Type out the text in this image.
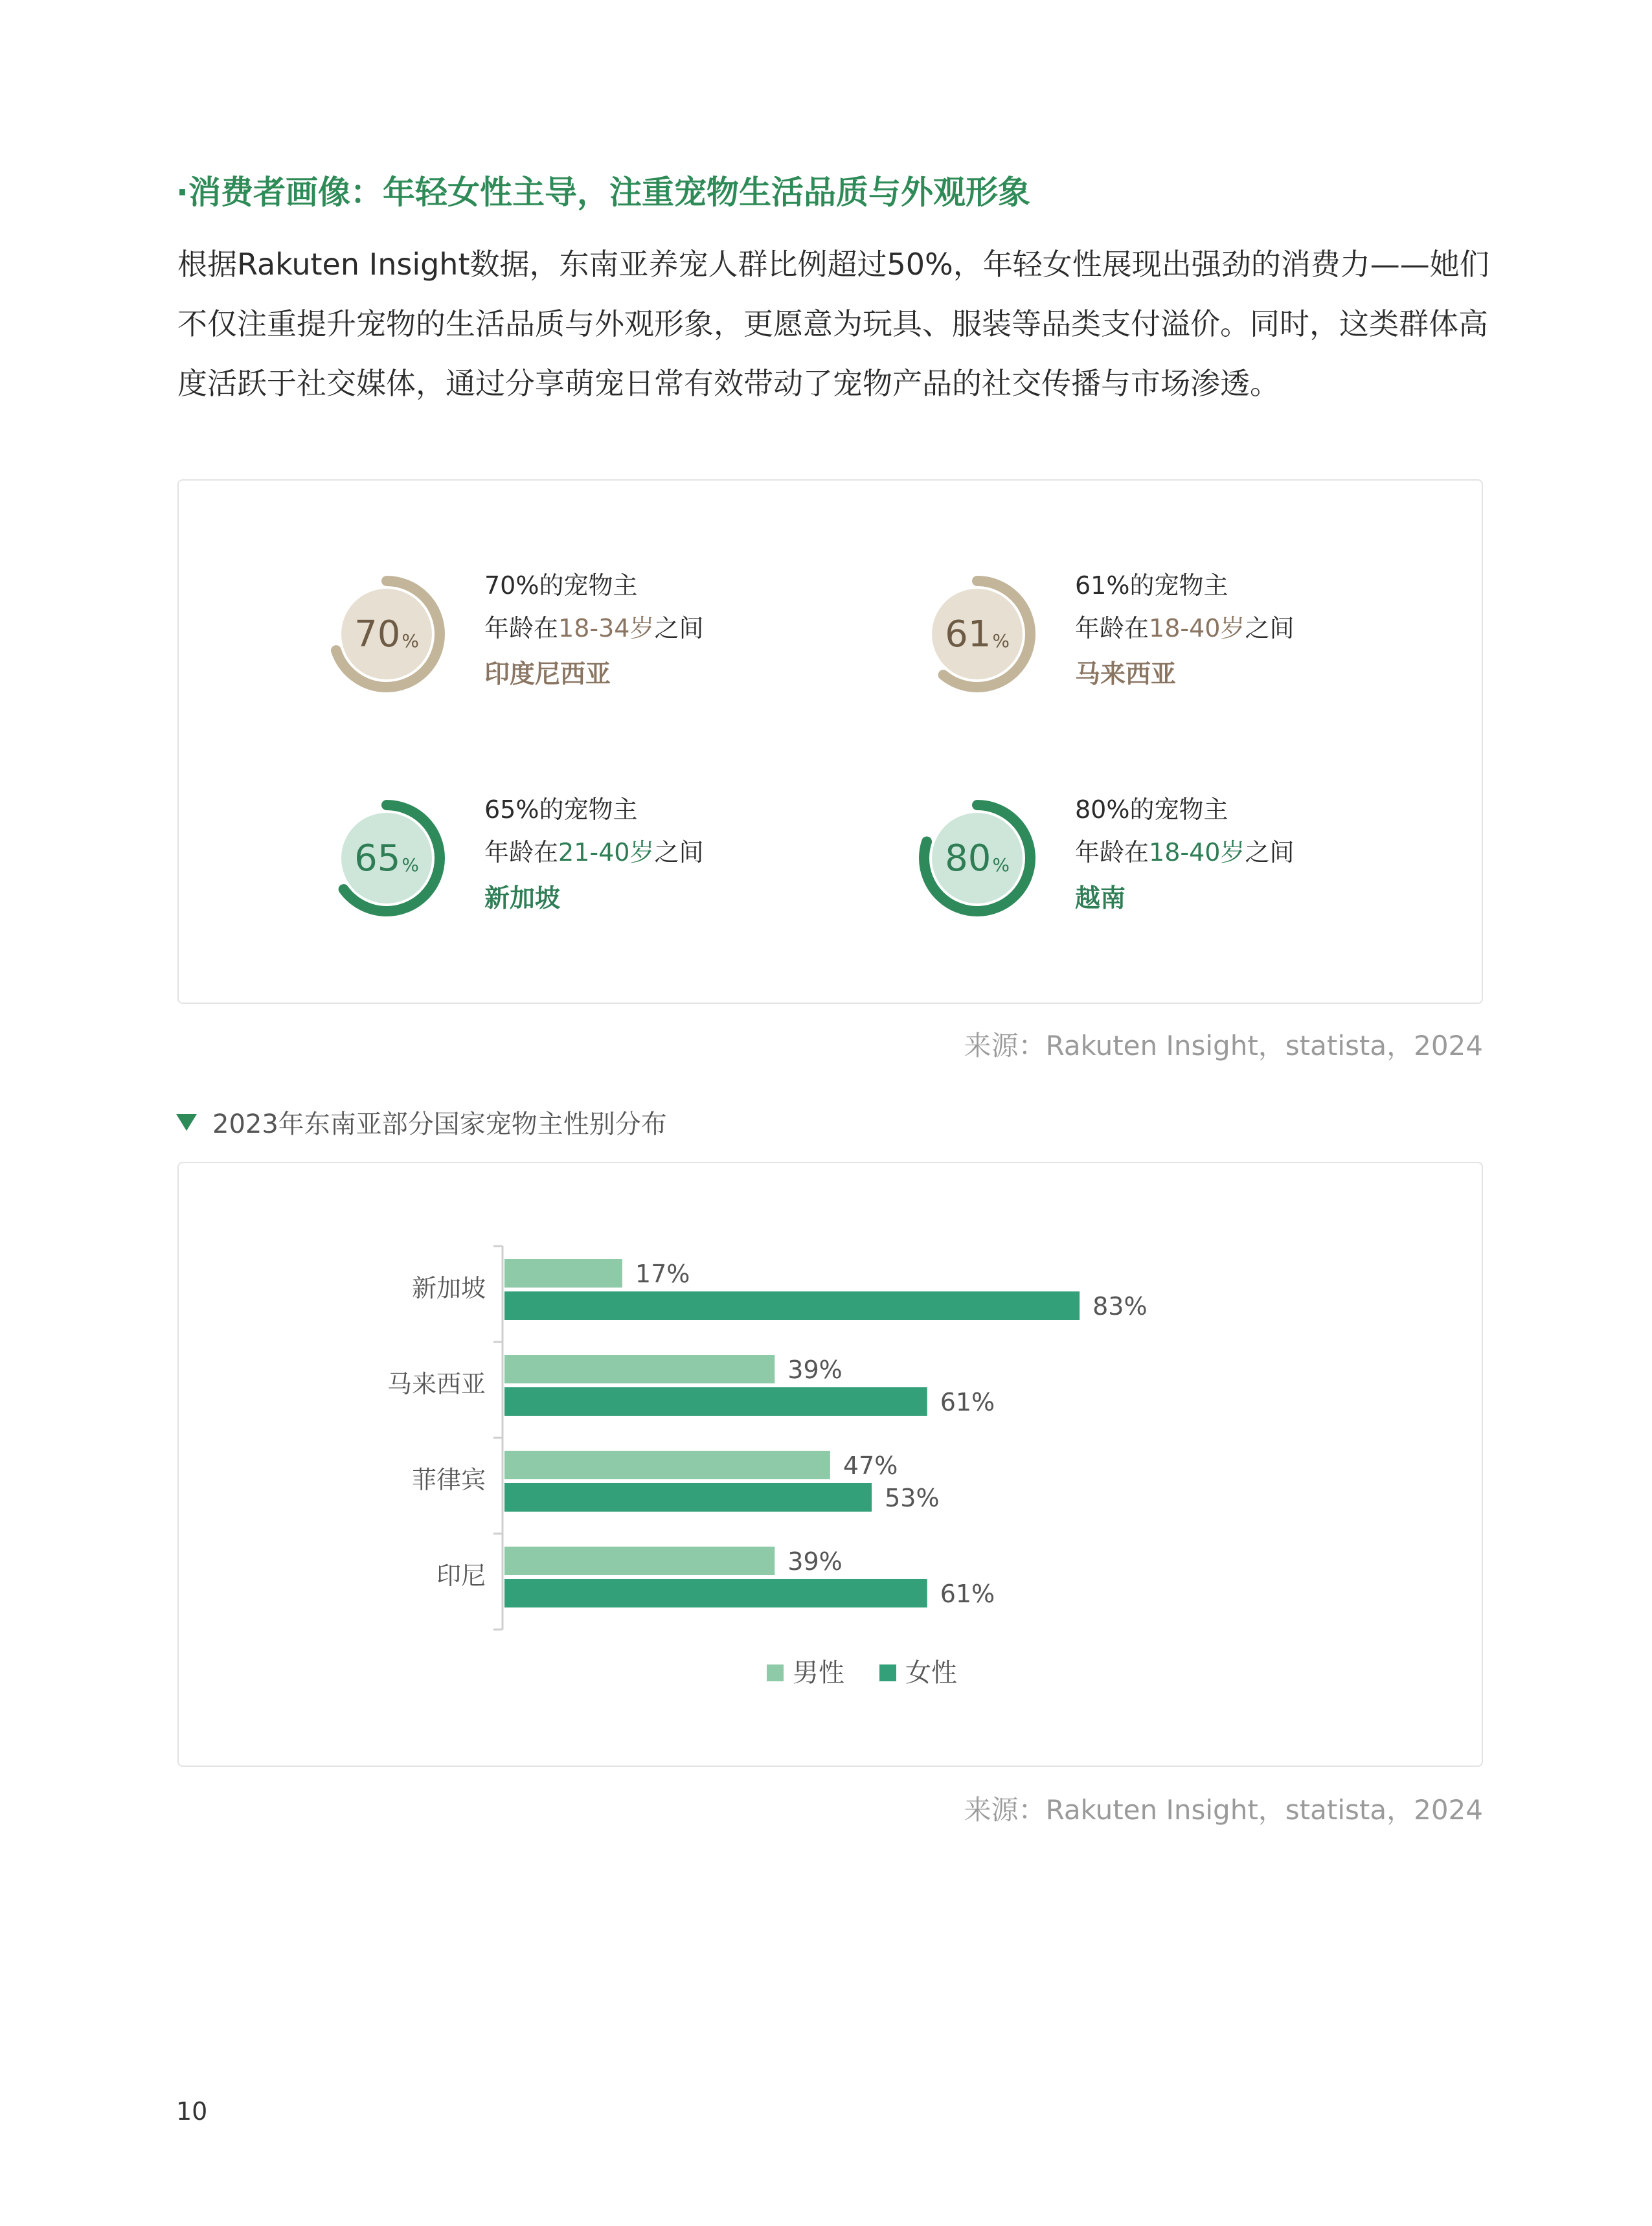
·消费者画像：年轻女性主导，注重宠物生活品质与外观形象

根据Rakuten Insight数据，东南亚养宠人群比例超过50%，年轻女性展现出强劲的消费力——她们不仅注重提升宠物的生活品质与外观形象，更愿意为玩具、服装等品类支付溢价。同时，这类群体高度活跃于社交媒体，通过分享萌宠日常有效带动了宠物产品的社交传播与市场渗透。

70 %
70%的宠物主
年龄在18-34岁之间
印度尼西亚
61 %
61%的宠物主
年龄在18-40岁之间
马来西亚
65 %
65%的宠物主
年龄在21-40岁之间
新加坡
80 %
80%的宠物主
年龄在18-40岁之间
越南
来源：Rakuten Insight，statista，2024
2023年东南亚部分国家宠物主性别分布
新加坡	17%
83%
马来西亚	39%
61%
菲律宾	47%
53%
印尼	39%
61%
男性 女性
来源：Rakuten Insight，statista，2024
10
